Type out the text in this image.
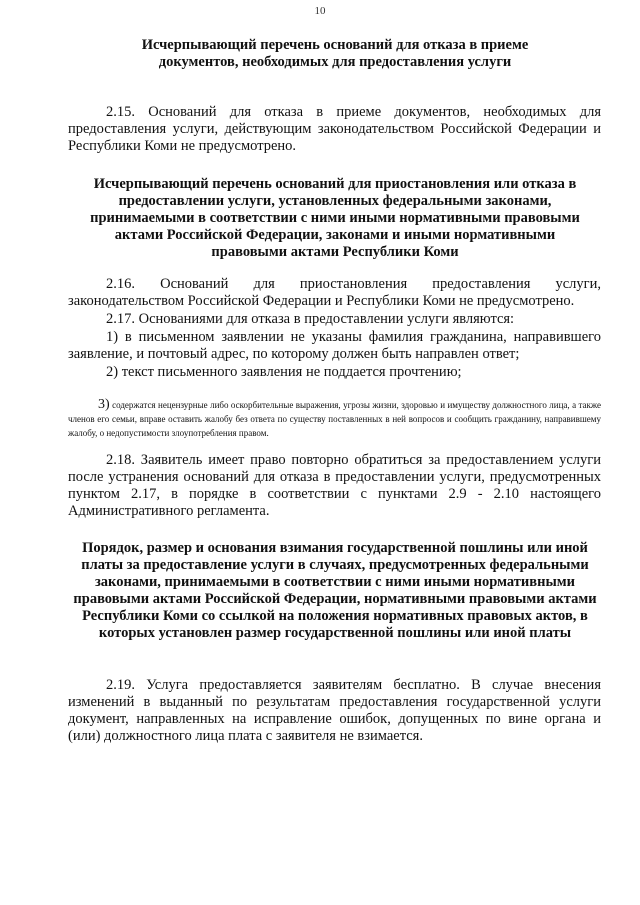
10
Исчерпывающий перечень оснований для отказа в приеме документов, необходимых для предоставления услуги
2.15. Оснований для отказа в приеме документов, необходимых для предоставления услуги, действующим законодательством Российской Федерации и Республики Коми не предусмотрено.
Исчерпывающий перечень оснований для приостановления или отказа в предоставлении услуги, установленных федеральными законами, принимаемыми в соответствии с ними иными нормативными правовыми актами Российской Федерации, законами и иными нормативными правовыми актами Республики Коми
2.16. Оснований для приостановления предоставления услуги, законодательством Российской Федерации и Республики Коми не предусмотрено.
2.17. Основаниями для отказа в предоставлении услуги являются:
1) в письменном заявлении не указаны фамилия гражданина, направившего заявление, и почтовый адрес, по которому должен быть направлен ответ;
2) текст письменного заявления не поддается прочтению;
3) содержатся нецензурные либо оскорбительные выражения, угрозы жизни, здоровью и имуществу должностного лица, а также членов его семьи, вправе оставить жалобу без ответа по существу поставленных в ней вопросов и сообщить гражданину, направившему жалобу, о недопустимости злоупотребления правом.
2.18. Заявитель имеет право повторно обратиться за предоставлением услуги после устранения оснований для отказа в предоставлении услуги, предусмотренных пунктом 2.17, в порядке в соответствии с пунктами 2.9 - 2.10 настоящего Административного регламента.
Порядок, размер и основания взимания государственной пошлины или иной платы за предоставление услуги в случаях, предусмотренных федеральными законами, принимаемыми в соответствии с ними иными нормативными правовыми актами Российской Федерации, нормативными правовыми актами Республики Коми со ссылкой на положения нормативных правовых актов, в которых установлен размер государственной пошлины или иной платы
2.19. Услуга предоставляется заявителям бесплатно. В случае внесения изменений в выданный по результатам предоставления государственной услуги документ, направленных на исправление ошибок, допущенных по вине органа и (или) должностного лица плата с заявителя не взимается.
